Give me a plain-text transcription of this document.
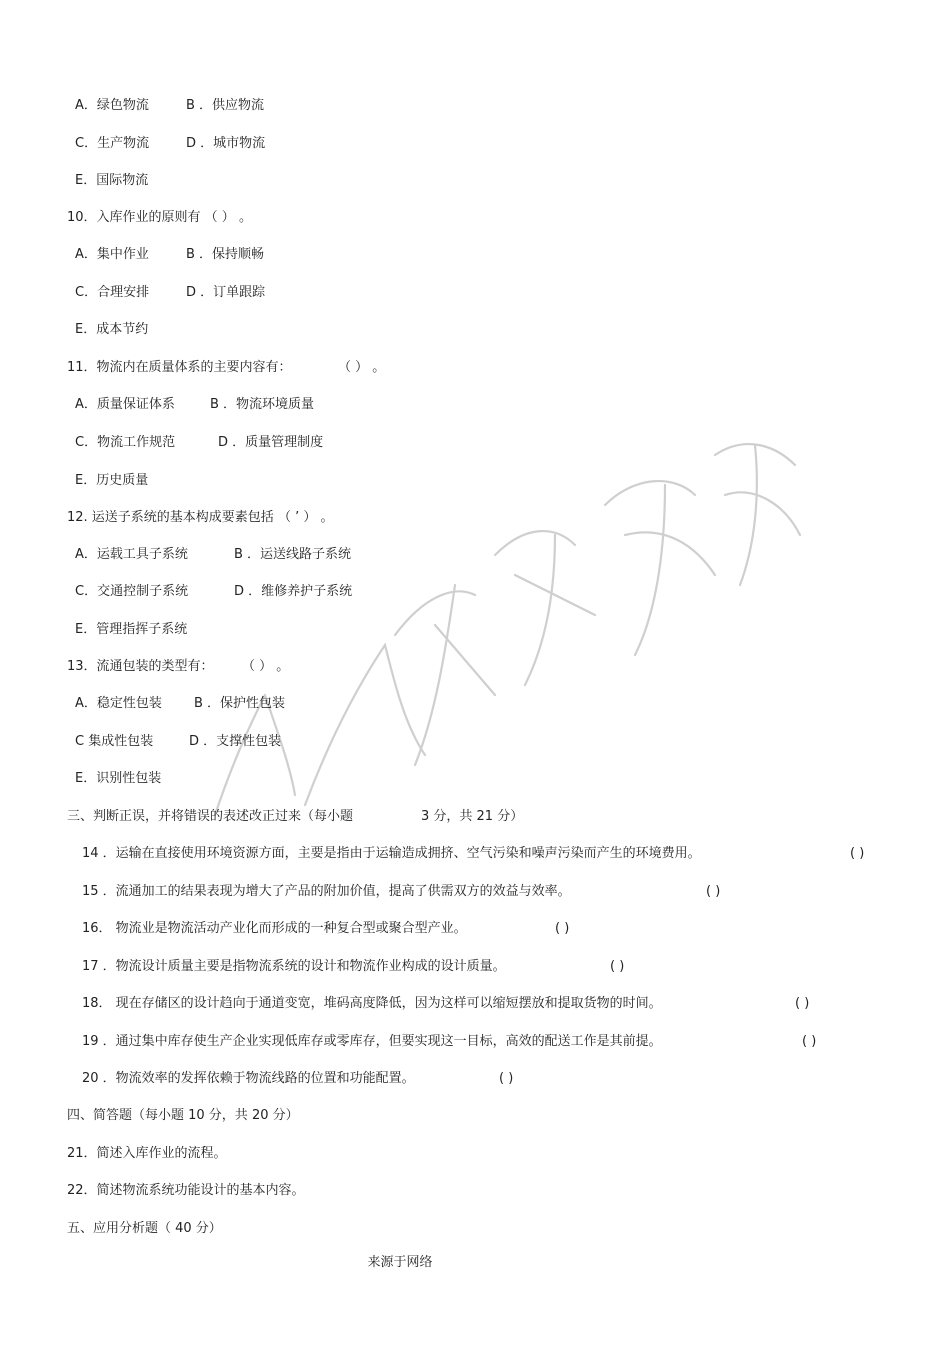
A．绿色物流	B ．供应物流
C．生产物流	D ．城市物流
E．国际物流
10．入库作业的原则有 （ ） 。
A．集中作业	B ．保持顺畅
C．合理安排	D ．订单跟踪
E．成本节约
11．物流内在质量体系的主要内容有：	（ ） 。
A．质量保证体系	B ．物流环境质量
C．物流工作规范	D ．质量管理制度
E．历史质量
12. 运送子系统的基本构成要素包括 （ ’ ） 。
A．运载工具子系统	B ．运送线路子系统
C．交通控制子系统	D ．维修养护子系统
E．管理指挥子系统
13．流通包装的类型有： （ ） 。
A．稳定性包装 B ．保护性包装
C 集成性包装	D ．支撑性包装
E．识别性包装
三、判断正误，并将错误的表述改正过来（每小题	3 分，共 21 分）
14 ．运输在直接使用环境资源方面，主要是指由于运输造成拥挤、空气污染和噪声污染而产生的环境费用。	( )
15 ．流通加工的结果表现为增大了产品的附加价值，提高了供需双方的效益与效率。	( )
16． 物流业是物流活动产业化而形成的一种复合型或聚合型产业。	( )
17 ．物流设计质量主要是指物流系统的设计和物流作业构成的设计质量。	( )
18． 现在存储区的设计趋向于通道变宽，堆码高度降低，因为这样可以缩短摆放和提取货物的时间。	( )
19 ．通过集中库存使生产企业实现低库存或零库存，但要实现这一目标，高效的配送工作是其前提。	( )
20 ．物流效率的发挥依赖于物流线路的位置和功能配置。	( )
四、简答题（每小题 10 分，共 20 分）
21．简述入库作业的流程。
22．简述物流系统功能设计的基本内容。
五、应用分析题（ 40 分）
来源于网络
